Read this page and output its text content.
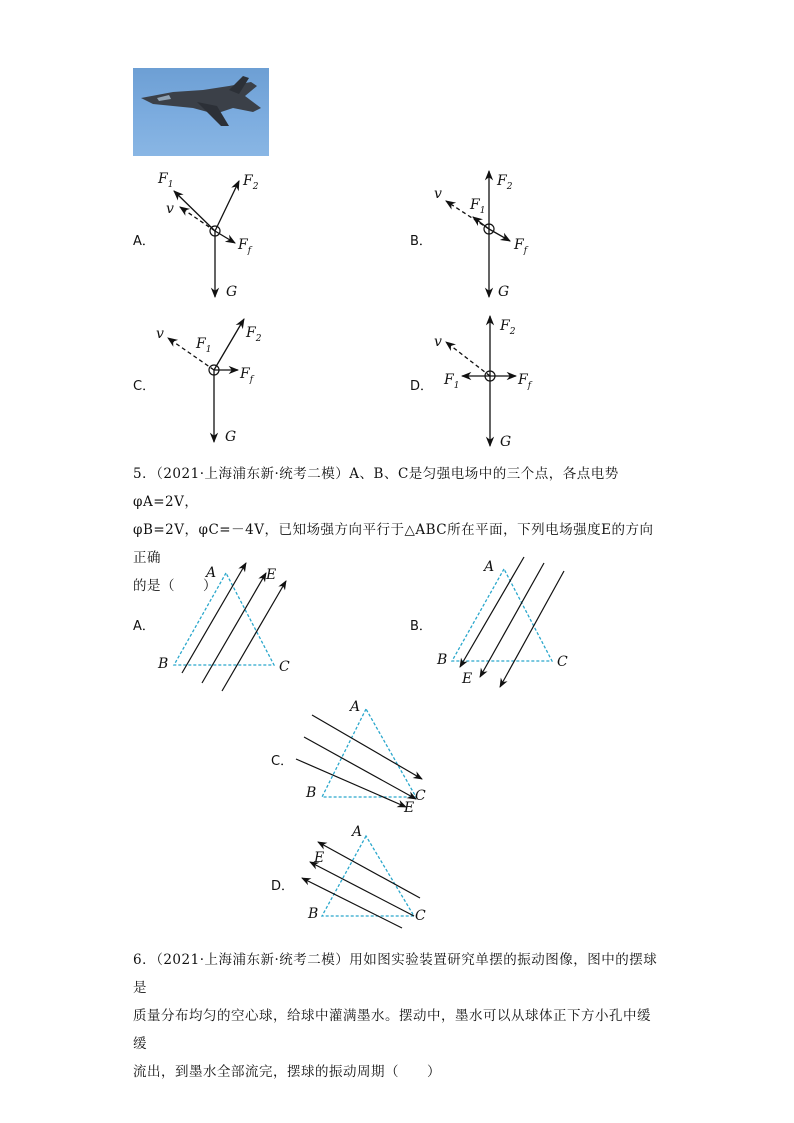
A．
$F_1$	$F_2$
$F_f$
G
v
B．
$F_2$
$F_1$
$F_f$
G
v
C．
$F_2$
$F_1$
$F_f$
G
v
D．
$F_2$
$F_1$	$F_f$
G
v
5．（2021·上海浦东新·统考二模）A、B、C是匀强电场中的三个点，各点电势 φA=2V，
φB=2V，φC=－4V，已知场强方向平行于△ABC所在平面，下列电场强度E的方向正确
的是（　　）
A．
A
B	C
E
B．
A
B	C
E
C．
A
B	C
E
D．
A
B	C
E
6．（2021·上海浦东新·统考二模）用如图实验装置研究单摆的振动图像，图中的摆球是
质量分布均匀的空心球，给球中灌满墨水。摆动中，墨水可以从球体正下方小孔中缓缓
流出，到墨水全部流完，摆球的振动周期（　　）
